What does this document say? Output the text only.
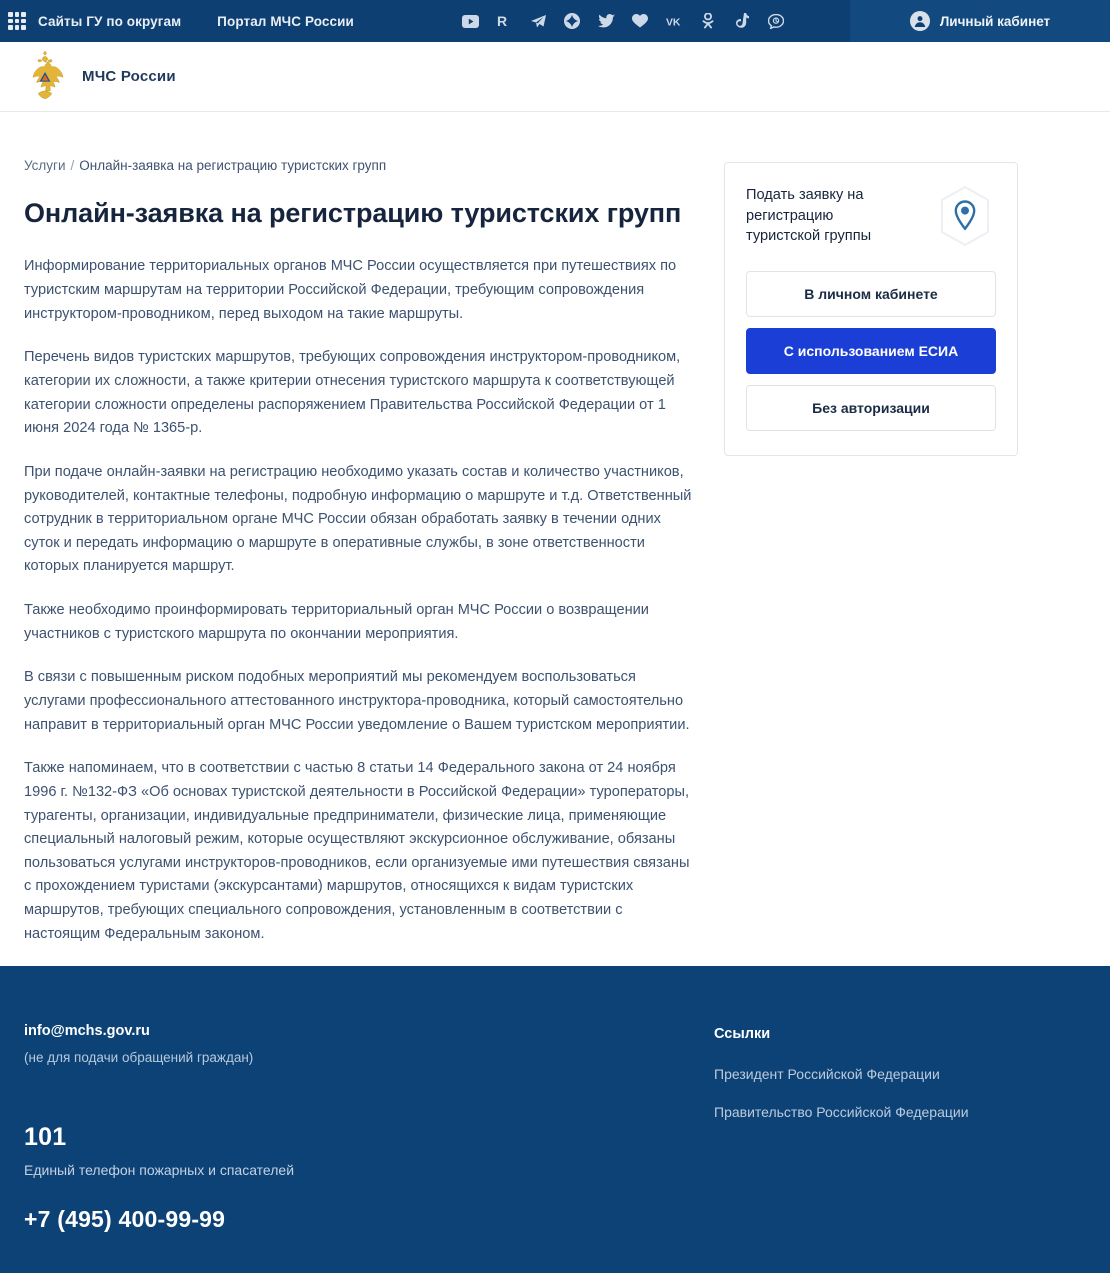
Сайты ГУ по округам	Портал МЧС России	R	VK	Личный кабинет
МЧС России
Услуги / Онлайн-заявка на регистрацию туристских групп
Онлайн-заявка на регистрацию туристских групп

Информирование территориальных органов МЧС России осуществляется при путешествиях по туристским маршрутам на территории Российской Федерации, требующим сопровождения инструктором-проводником, перед выходом на такие маршруты.

Перечень видов туристских маршрутов, требующих сопровождения инструктором-проводником, категории их сложности, а также критерии отнесения туристского маршрута к соответствующей категории сложности определены распоряжением Правительства Российской Федерации от 1 июня 2024 года № 1365-р.

При подаче онлайн-заявки на регистрацию необходимо указать состав и количество участников, руководителей, контактные телефоны, подробную информацию о маршруте и т.д. Ответственный сотрудник в территориальном органе МЧС России обязан обработать заявку в течении одних суток и передать информацию о маршруте в оперативные службы, в зоне ответственности которых планируется маршрут.

Также необходимо проинформировать территориальный орган МЧС России о возвращении участников с туристского маршрута по окончании мероприятия.

В связи с повышенным риском подобных мероприятий мы рекомендуем воспользоваться услугами профессионального аттестованного инструктора-проводника, который самостоятельно направит в территориальный орган МЧС России уведомление о Вашем туристском мероприятии.

Также напоминаем, что в соответствии с частью 8 статьи 14 Федерального закона от 24 ноября 1996 г. №132-ФЗ «Об основах туристской деятельности в Российской Федерации» туроператоры, турагенты, организации, индивидуальные предприниматели, физические лица, применяющие специальный налоговый режим, которые осуществляют экскурсионное обслуживание, обязаны пользоваться услугами инструкторов-проводников, если организуемые ими путешествия связаны с прохождением туристами (экскурсантами) маршрутов, относящихся к видам туристских маршрутов, требующих специального сопровождения, установленным в соответствии с настоящим Федеральным законом.

Подать заявку на регистрацию туристской группы
В личном кабинете
С использованием ЕСИА
Без авторизации
info@mchs.gov.ru
(не для подачи обращений граждан)
101
Единый телефон пожарных и спасателей
+7 (495) 400-99-99
Ссылки
Президент Российской Федерации
Правительство Российской Федерации
